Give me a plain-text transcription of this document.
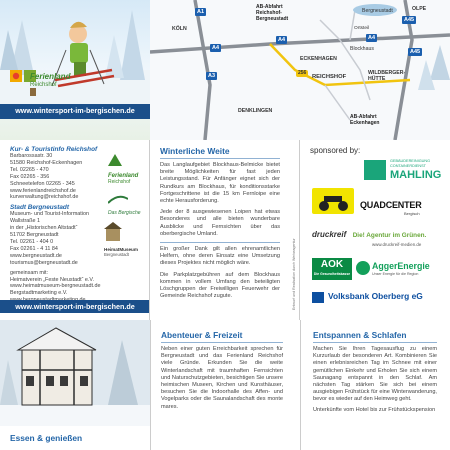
Ferienland
Reichshof
www.wintersport-im-bergischen.de
KÖLN
OLPE
ECKENHAGEN
Blockhaus
REICHSHOF
DENKLINGEN
WILDBERGER-
HÜTTE
Bergneustadt
Ortsteil
A1
A4
A4	A4
A3
A45
A45
256
AB-Abfahrt
Reichshof-
Bergneustadt
AB-Abfahrt
Eckenhagen
Kur- & Touristinfo Reichshof
Barbarossastr. 30
51580 Reichshof-Eckenhagen
Tel. 02265 - 470
Fax 02265 - 356
Schneetelefon 02265 - 345
www.ferienlandreichshof.de
kurverwaltung@reichshof.de
Stadt Bergneustadt
Museum- und Tourist-Information
Wallstraße 1
in der „Historischen Altstadt“
51702 Bergneustadt
Tel. 02261 - 404 0
Fax 02261 - 4 11 84
www.bergneustadt.de
tourismus@bergneustadt.de
gemeinsam mit:
Heimatverein „Feste Neustadt“ e.V.
www.heimatmuseum-bergneustadt.de
Bergstadtmarketing e.V.
Ferienland
Reichshof
Das Bergische
HeimatMuseum
Bergneustadt
www.wintersport-im-bergischen.de
Winterliche Weite

Das Langlaufgebiet Blockhaus-Belmicke bietet breite Möglichkeiten für fast jeden Leistungsstand. Für Anfänger eignet sich der Rundkurs am Blockhaus, für konditionsstarke Fortgeschrittene ist die 15 km Fernloipe eine echte Herausforderung.

Jede der 8 ausgewiesenen Loipen hat etwas Besonderes und alle bieten wunderbare Ausblicke und Fernsichten über das oberbergische Umland.

Ein großer Dank gilt allen ehrenamtlichen Helfern, ohne deren Einsatz eine Umsetzung dieses Projektes nicht möglich wäre.

Die Parkplatzgebühren auf dem Blockhaus kommen in vollem Umfang den beteiligten Löschgruppen der Freiwilligen Feuerwehr der Gemeinde Reichshof zugute.	Entwurf und Realisation durch Werbeagentur
sponsored by:
GEBÄUDEREINIGUNG
CONTAINERDIENST
MAHLING
QUADCENTER
Bergisch
druckreif Die! Agentur im Grünen.
www.druckreif-medien.de
AOK
Die Gesundheitskasse
AggerEnergie
Unser Energie für die Region
Volksbank Oberberg eG
Essen & genießen
Abenteuer & Freizeit

Neben einer guten Erreichbarkeit sprechen für Bergneustadt und das Ferienland Reichshof viele Gründe. Erkunden Sie die weite Winterlandschaft mit traumhaften Fernsichten und Naturschutzgebieten, besichtigen Sie unsere heimischen Museen, Kirchen und Kunsthäuser, besuchen Sie die Indoorhalle des Affen- und Vogelparks oder die Saunalandschaft des monte mares.

Entspannen & Schlafen

Machen Sie Ihren Tagesausflug zu einem Kurzurlaub der besonderen Art. Kombinieren Sie einen erlebnisreichen Tag im Schnee mit einer gemütlichen Einkehr und Erholen Sie sich einem Saunagang entspannt in den Schlaf. Am nächsten Tag stärken Sie sich bei einem ausgiebigen Frühstück für eine Winterwanderung, bevor es wieder auf den Heimweg geht.

Unterkünfte vom Hotel bis zur Frühstückspension
